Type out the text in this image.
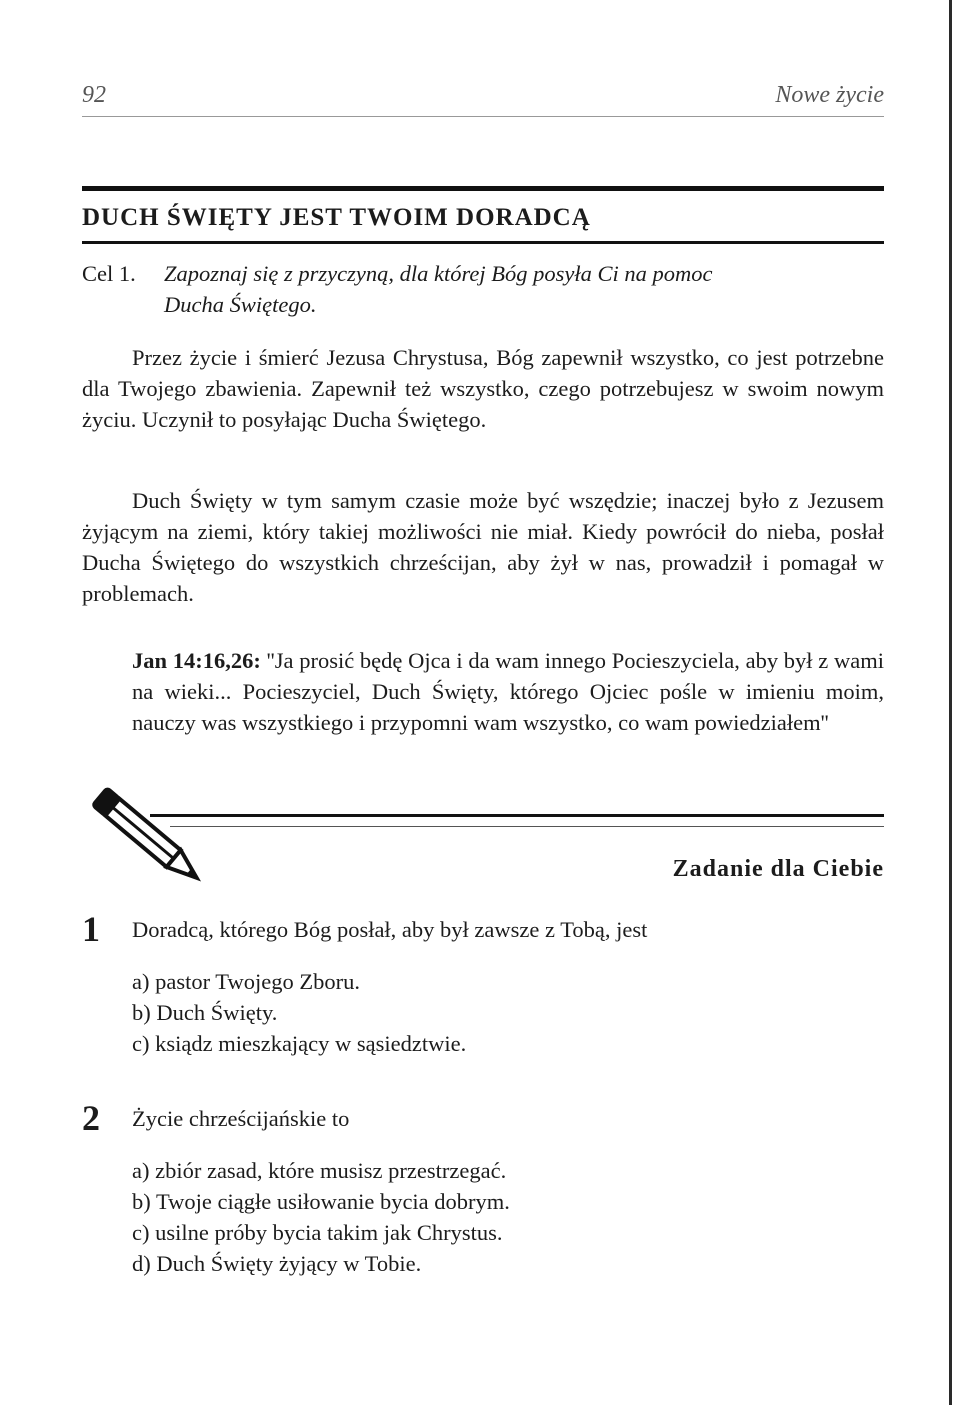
92	Nowe życie
DUCH ŚWIĘTY JEST TWOIM DORADCĄ
Cel 1. Zapoznaj się z przyczyną, dla której Bóg posyła Ci na pomoc
Ducha Świętego.
Przez życie i śmierć Jezusa Chrystusa, Bóg zapewnił wszystko, co jest potrzebne dla Twojego zbawienia. Zapewnił też wszystko, czego potrzebujesz w swoim nowym życiu. Uczynił to posyłając Ducha Świętego.
Duch Święty w tym samym czasie może być wszędzie; inaczej było z Jezusem żyjącym na ziemi, który takiej możliwości nie miał. Kiedy powrócił do nieba, posłał Ducha Świętego do wszystkich chrześcijan, aby żył w nas, prowadził i pomagał w problemach.
Jan 14:16,26: ''Ja prosić będę Ojca i da wam innego Pocieszyciela, aby był z wami na wieki... Pocieszyciel, Duch Święty, którego Ojciec pośle w imieniu moim, nauczy was wszystkiego i przypomni wam wszystko, co wam powiedziałem''
Zadanie dla Ciebie
1 Doradcą, którego Bóg posłał, aby był zawsze z Tobą, jest
a) pastor Twojego Zboru.
b) Duch Święty.
c) ksiądz mieszkający w sąsiedztwie.
2 Życie chrześcijańskie to
a) zbiór zasad, które musisz przestrzegać.
b) Twoje ciągłe usiłowanie bycia dobrym.
c) usilne próby bycia takim jak Chrystus.
d) Duch Święty żyjący w Tobie.
